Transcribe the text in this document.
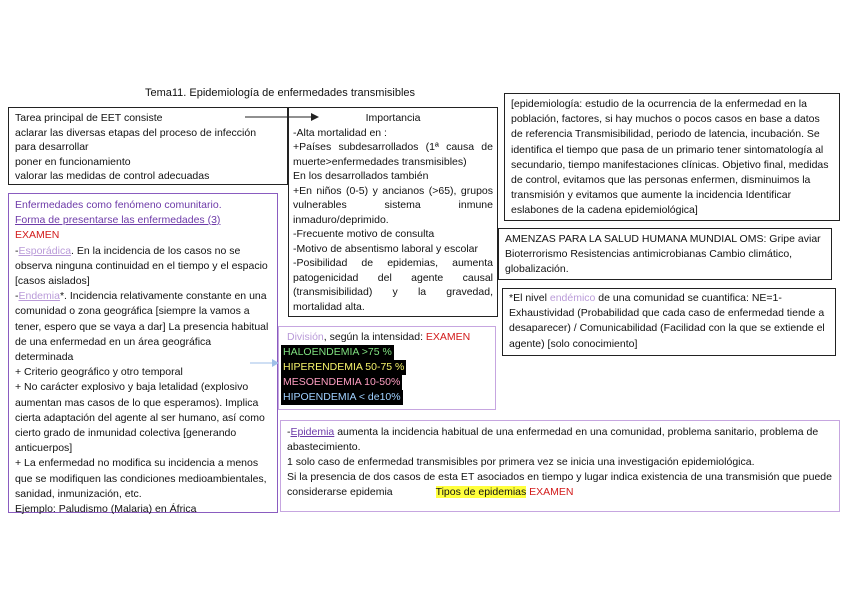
Tema11. Epidemiología de enfermedades transmisibles
Tarea principal de EET consiste
aclarar las diversas etapas del proceso de infección
para desarrollar
poner en funcionamiento
valorar las medidas de control adecuadas
Importancia
-Alta mortalidad en :
+Países subdesarrollados (1ª causa de muerte>enfermedades transmisibles)
En los desarrollados también
+En niños (0-5) y ancianos (>65), grupos vulnerables sistema inmune inmaduro/deprimido.
-Frecuente motivo de consulta
-Motivo de absentismo laboral y escolar
-Posibilidad de epidemias, aumenta patogenicidad del agente causal (transmisibilidad) y la gravedad, mortalidad alta.
[epidemiología: estudio de la ocurrencia de la enfermedad en la población, factores, si hay muchos o pocos casos en base a datos de referencia Transmisibilidad, periodo de latencia, incubación. Se identifica el tiempo que pasa de un primario tener sintomatología al secundario, tiempo manifestaciones clínicas. Objetivo final, medidas de control, evitamos que las personas enfermen, disminuimos la transmisión y evitamos que aumente la incidencia Identificar eslabones de la cadena epidemiológica]
AMENZAS PARA LA SALUD HUMANA MUNDIAL OMS: Gripe aviar Bioterrorismo Resistencias antimicrobianas Cambio climático, globalización.
*El nivel endémico de una comunidad se cuantifica: NE=1-Exhaustividad (Probabilidad que cada caso de enfermedad tiende a desaparecer) / Comunicabilidad (Facilidad con la que se extiende el agente) [solo conocimiento]
Enfermedades como fenómeno comunitario.
Forma de presentarse las enfermedades (3)
EXAMEN
-Esporádica. En la incidencia de los casos no se observa ninguna continuidad en el tiempo y el espacio [casos aislados]
-Endemia*. Incidencia relativamente constante en una comunidad o zona geográfica [siempre la vamos a tener, espero que se vaya a dar] La presencia habitual de una enfermedad en un área geográfica determinada
+ Criterio geográfico y otro temporal
+ No carácter explosivo y baja letalidad (explosivo aumentan mas casos de lo que esperamos). Implica cierta adaptación del agente al ser humano, así como cierto grado de inmunidad colectiva [generando anticuerpos]
+ La enfermedad no modifica su incidencia a menos que se modifiquen las condiciones medioambientales, sanidad, inmunización, etc.
Ejemplo: Paludismo (Malaria) en África
División, según la intensidad: EXAMEN
HALOENDEMIA >75 %
HIPERENDEMIA 50-75 %
MESOENDEMIA 10-50%
HIPOENDEMIA < de10%
-Epidemia aumenta la incidencia habitual de una enfermedad en una comunidad, problema sanitario, problema de abastecimiento.
1 solo caso de enfermedad transmisibles por primera vez se inicia una investigación epidemiológica.
Si la presencia de dos casos de esta ET asociados en tiempo y lugar indica existencia de una transmisión que puede considerarse epidemia	Tipos de epidemias EXAMEN
